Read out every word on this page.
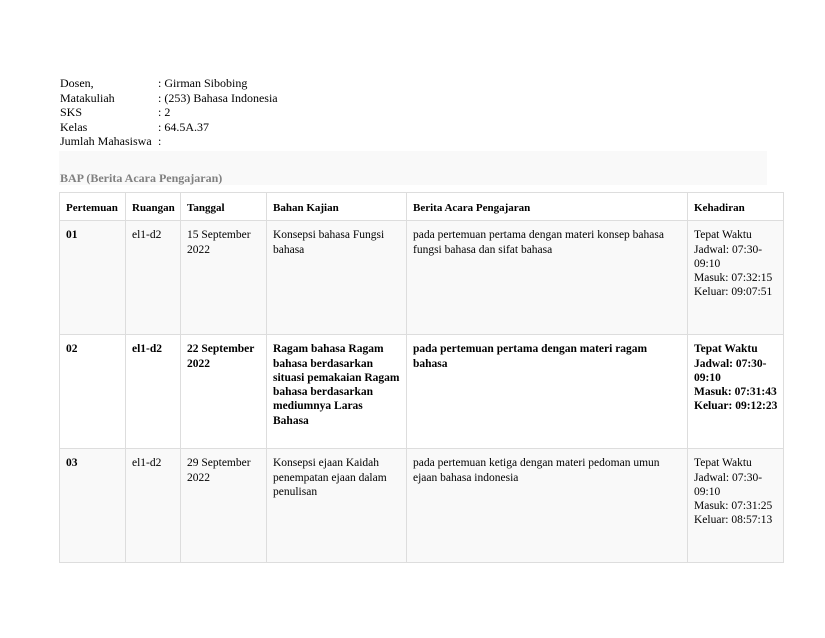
Dosen,	: Girman Sibobing
Matakuliah	: (253) Bahasa Indonesia
SKS	: 2
Kelas	: 64.5A.37
Jumlah Mahasiswa :
BAP (Berita Acara Pengajaran)
Pertemuan	Ruangan	Tanggal	Bahan Kajian	Berita Acara Pengajaran	Kehadiran
01	el1-d2	15 September 2022	Konsepsi bahasa Fungsi bahasa	pada pertemuan pertama dengan materi konsep bahasa fungsi bahasa dan sifat bahasa	Tepat Waktu
Jadwal: 07:30-09:10
Masuk: 07:32:15
Keluar: 09:07:51

02	el1-d2	22 September 2022	Ragam bahasa Ragam bahasa berdasarkan situasi pemakaian Ragam bahasa berdasarkan mediumnya Laras Bahasa	pada pertemuan pertama dengan materi ragam bahasa	Tepat Waktu
Jadwal: 07:30-09:10
Masuk: 07:31:43
Keluar: 09:12:23

03	el1-d2	29 September 2022	Konsepsi ejaan Kaidah penempatan ejaan dalam penulisan	pada pertemuan ketiga dengan materi pedoman umun ejaan bahasa indonesia	Tepat Waktu
Jadwal: 07:30-09:10
Masuk: 07:31:25
Keluar: 08:57:13
